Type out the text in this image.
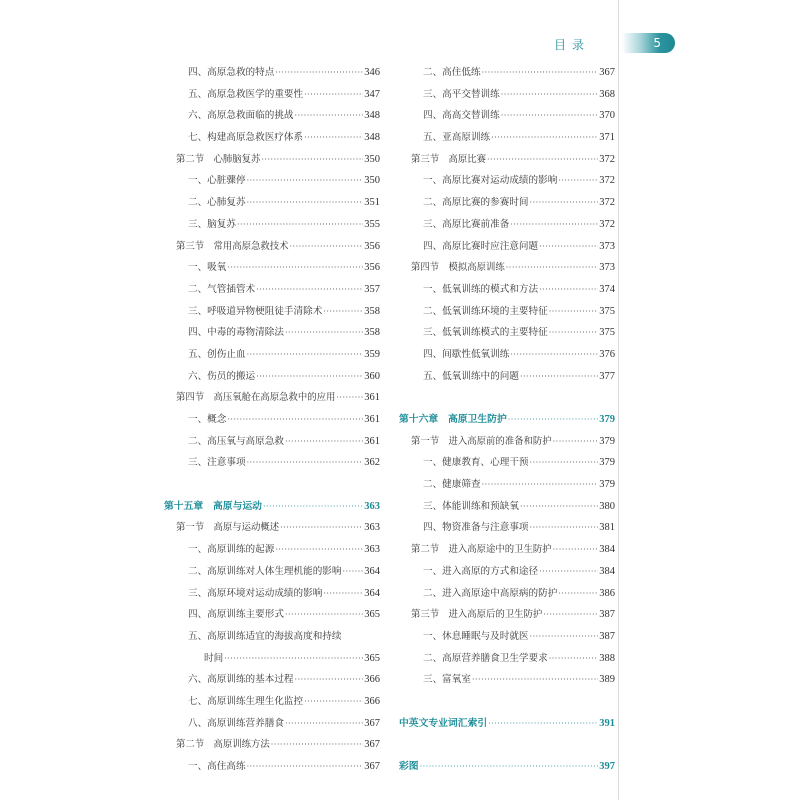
目录	5
四、高原急救的特点 ·····	346
五、高原急救医学的重要性 ·····	347
六、高原急救面临的挑战 ·····	348
七、构建高原急救医疗体系 ·····	348
第二节　心肺脑复苏 ·····	350
一、心脏骤停 ·····	350
二、心肺复苏 ·····	351
三、脑复苏 ·····	355
第三节　常用高原急救技术 ·····	356
一、吸氧 ·····	356
二、气管插管术 ·····	357
三、呼吸道异物梗阻徒手清除术 ·····	358
四、中毒的毒物清除法 ·····	358
五、创伤止血 ·····	359
六、伤员的搬运 ·····	360
第四节　高压氧舱在高原急救中的应用 ·····	361
一、概念 ·····	361
二、高压氧与高原急救 ·····	361
三、注意事项 ·····	362
第十五章　高原与运动 ·····	363
第一节　高原与运动概述 ·····	363
一、高原训练的起源 ·····	363
二、高原训练对人体生理机能的影响 ····· 364
三、高原环境对运动成绩的影响 ·····	364
四、高原训练主要形式 ·····	365
五、高原训练适宜的海拔高度和持续
时间 ·····	365
六、高原训练的基本过程 ·····	366
七、高原训练生理生化监控 ·····	366
八、高原训练营养膳食 ·····	367
第二节　高原训练方法 ·····	367
一、高住高练 ·····	367
二、高住低练 ·····	367
三、高平交替训练 ·····	368
四、高高交替训练 ·····	370
五、亚高原训练 ·····	371
第三节　高原比赛 ·····	372
一、高原比赛对运动成绩的影响 ·····	372
二、高原比赛的参赛时间 ·····	372
三、高原比赛前准备 ·····	372
四、高原比赛时应注意问题 ·····	373
第四节　模拟高原训练 ·····	373
一、低氧训练的模式和方法 ·····	374
二、低氧训练环境的主要特征 ·····	375
三、低氧训练模式的主要特征 ·····	375
四、间歇性低氧训练 ·····	376
五、低氧训练中的问题 ·····	377
第十六章　高原卫生防护 ·····	379
第一节　进入高原前的准备和防护 ·····	379
一、健康教育、心理干预 ·····	379
二、健康筛查 ·····	379
三、体能训练和预缺氧 ·····	380
四、物资准备与注意事项 ·····	381
第二节　进入高原途中的卫生防护 ·····	384
一、进入高原的方式和途径 ·····	384
二、进入高原途中高原病的防护 ·····	386
第三节　进入高原后的卫生防护 ·····	387
一、休息睡眠与及时就医 ·····	387
二、高原营养膳食卫生学要求 ·····	388
三、富氧室 ·····	389
中英文专业词汇索引 ·····	391
彩图 ·····	397
